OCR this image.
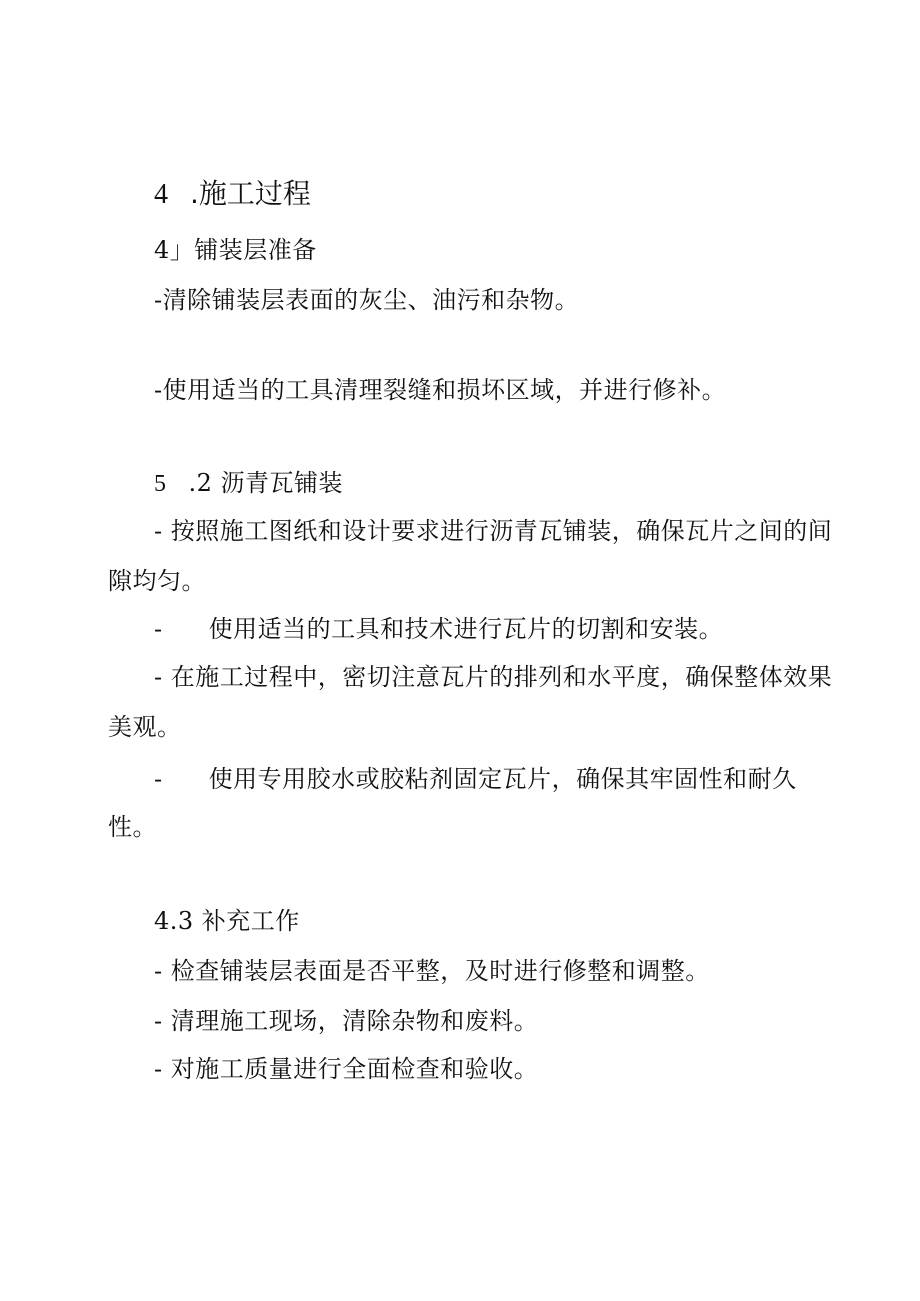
4 .施工过程
4」铺装层准备
-清除铺装层表面的灰尘、油污和杂物。
-使用适当的工具清理裂缝和损坏区域，并进行修补。
5 .2 沥青瓦铺装
- 按照施工图纸和设计要求进行沥青瓦铺装，确保瓦片之间的间
隙均匀。
- 使用适当的工具和技术进行瓦片的切割和安装。
- 在施工过程中，密切注意瓦片的排列和水平度，确保整体效果
美观。
- 使用专用胶水或胶粘剂固定瓦片，确保其牢固性和耐久
性。
4.3 补充工作
- 检查铺装层表面是否平整，及时进行修整和调整。
- 清理施工现场，清除杂物和废料。
- 对施工质量进行全面检查和验收。
